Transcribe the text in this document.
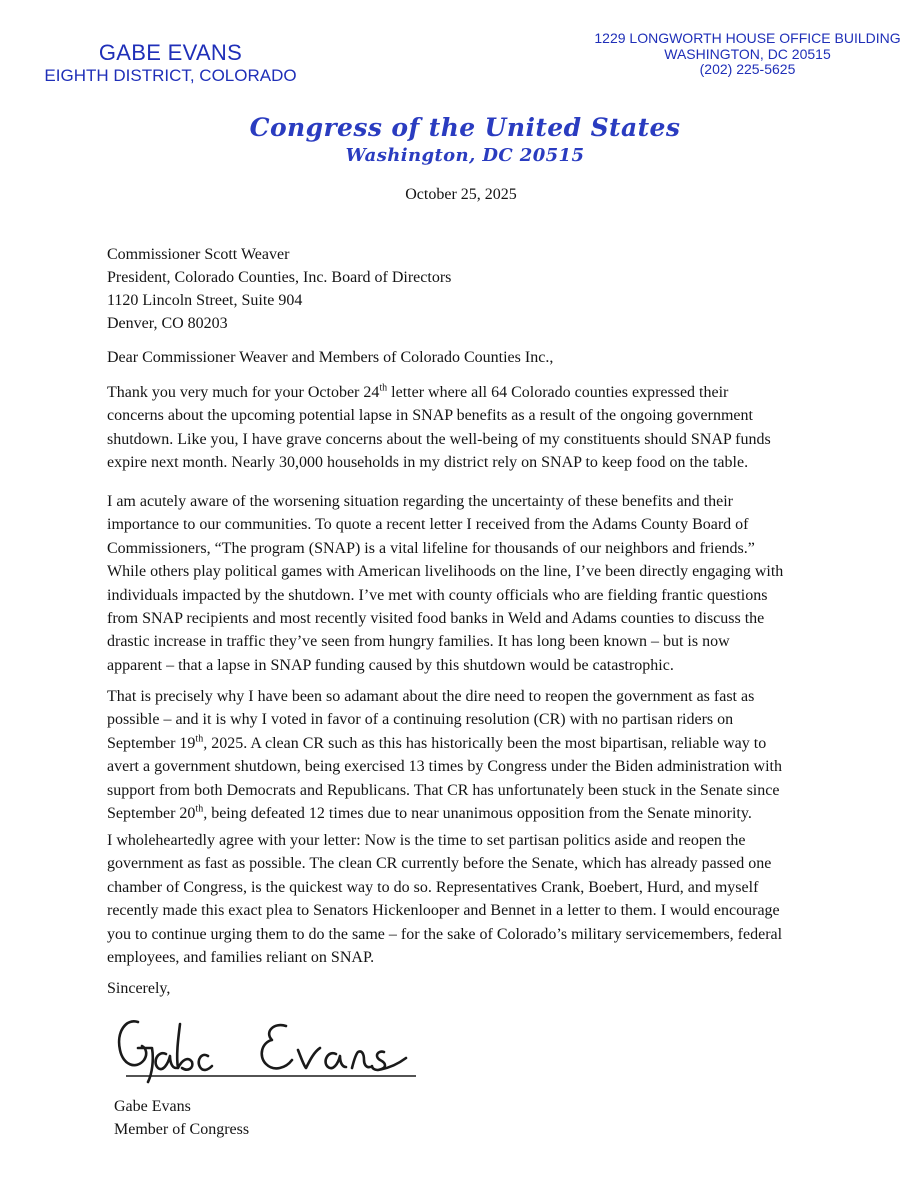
GABE EVANS
EIGHTH DISTRICT, COLORADO
1229 LONGWORTH HOUSE OFFICE BUILDING
WASHINGTON, DC 20515
(202) 225-5625
Congress of the United States
Washington, DC 20515
October 25, 2025
Commissioner Scott Weaver
President, Colorado Counties, Inc. Board of Directors
1120 Lincoln Street, Suite 904
Denver, CO 80203
Dear Commissioner Weaver and Members of Colorado Counties Inc.,
Thank you very much for your October 24th letter where all 64 Colorado counties expressed their
concerns about the upcoming potential lapse in SNAP benefits as a result of the ongoing government
shutdown. Like you, I have grave concerns about the well-being of my constituents should SNAP funds
expire next month. Nearly 30,000 households in my district rely on SNAP to keep food on the table.
I am acutely aware of the worsening situation regarding the uncertainty of these benefits and their
importance to our communities. To quote a recent letter I received from the Adams County Board of
Commissioners, “The program (SNAP) is a vital lifeline for thousands of our neighbors and friends.”
While others play political games with American livelihoods on the line, I’ve been directly engaging with
individuals impacted by the shutdown. I’ve met with county officials who are fielding frantic questions
from SNAP recipients and most recently visited food banks in Weld and Adams counties to discuss the
drastic increase in traffic they’ve seen from hungry families. It has long been known – but is now
apparent – that a lapse in SNAP funding caused by this shutdown would be catastrophic.
That is precisely why I have been so adamant about the dire need to reopen the government as fast as
possible – and it is why I voted in favor of a continuing resolution (CR) with no partisan riders on
September 19th, 2025. A clean CR such as this has historically been the most bipartisan, reliable way to
avert a government shutdown, being exercised 13 times by Congress under the Biden administration with
support from both Democrats and Republicans. That CR has unfortunately been stuck in the Senate since
September 20th, being defeated 12 times due to near unanimous opposition from the Senate minority.
I wholeheartedly agree with your letter: Now is the time to set partisan politics aside and reopen the
government as fast as possible. The clean CR currently before the Senate, which has already passed one
chamber of Congress, is the quickest way to do so. Representatives Crank, Boebert, Hurd, and myself
recently made this exact plea to Senators Hickenlooper and Bennet in a letter to them. I would encourage
you to continue urging them to do the same – for the sake of Colorado’s military servicemembers, federal
employees, and families reliant on SNAP.
Sincerely,
Gabe Evans
Member of Congress
